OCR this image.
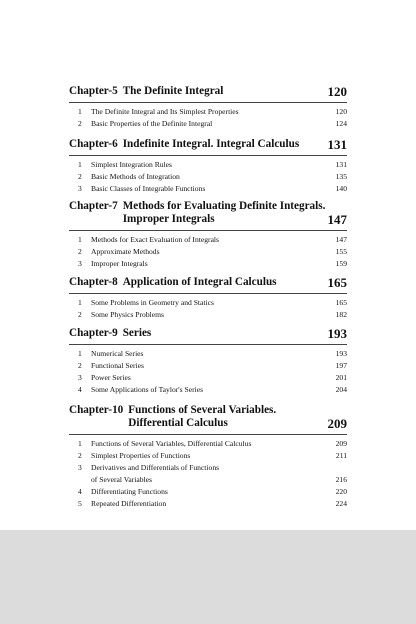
Chapter-5 The Definite Integral	120
1	The Definite Integral and Its Simplest Properties	120
2	Basic Properties of the Definite Integral	124
Chapter-6 Indefinite Integral. Integral Calculus	131
1	Simplest Integration Rules	131
2	Basic Methods of Integration	135
3	Basic Classes of Integrable Functions	140
Chapter-7 Methods for Evaluating Definite Integrals.
Improper Integrals	147
1	Methods for Exact Evaluation of Integrals	147
2	Approximate Methods	155
3	Improper Integrals	159
Chapter-8 Application of Integral Calculus	165
1	Some Problems in Geometry and Statics	165
2	Some Physics Problems	182
Chapter-9 Series	193
1	Numerical Series	193
2	Functional Series	197
3	Power Series	201
4	Some Applications of Taylor's Series	204
Chapter-10 Functions of Several Variables.
Differential Calculus	209
1	Functions of Several Variables, Differential Calculus	209
2	Simplest Properties of Functions	211
3	Derivatives and Differentials of Functions
of Several Variables	216
4	Differentiating Functions	220
5	Repeated Differentiation	224
